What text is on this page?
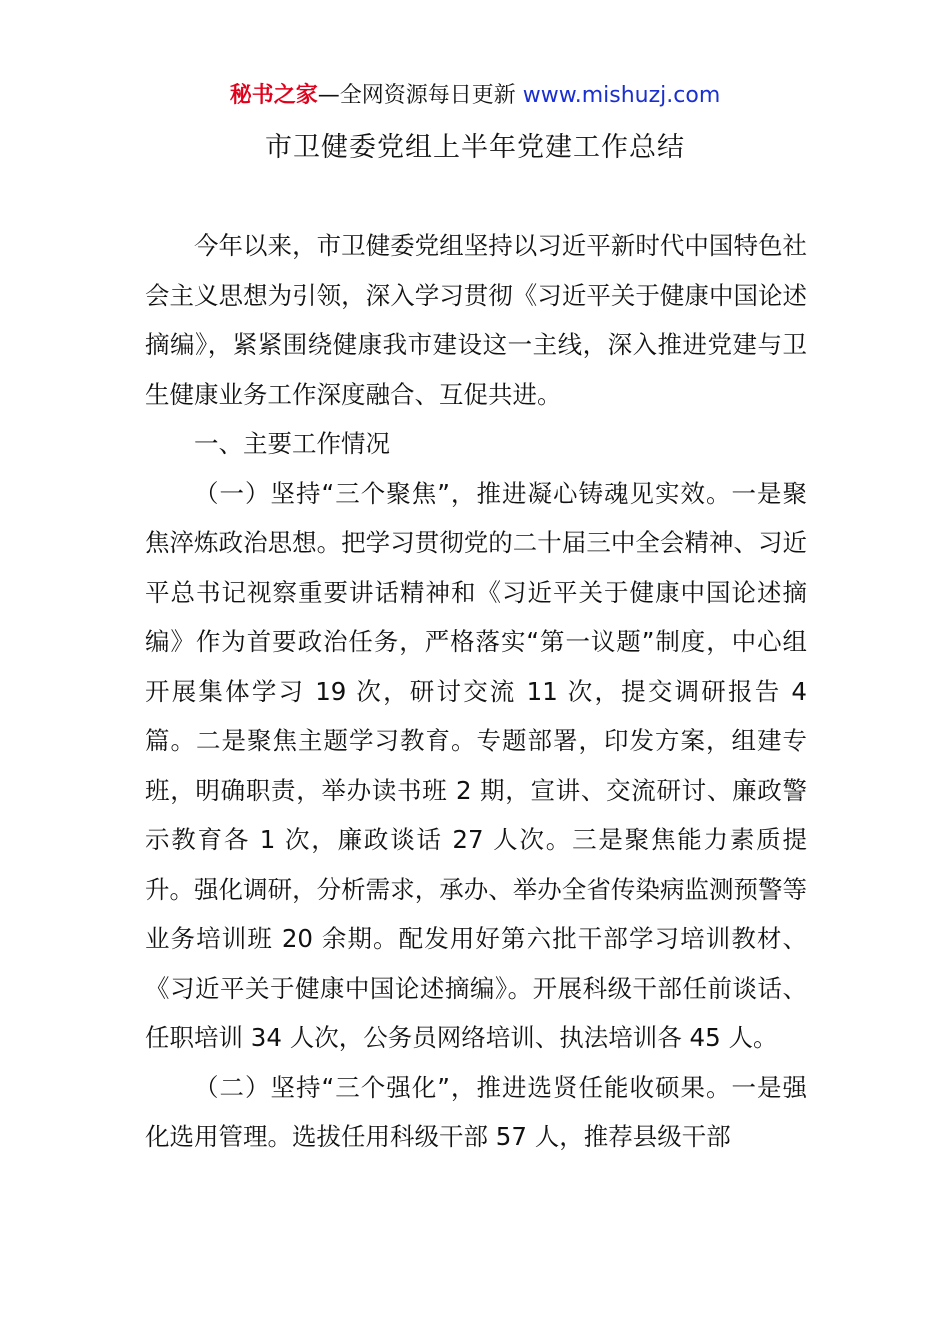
秘书之家—全网资源每日更新 www.mishuzj.com
市卫健委党组上半年党建工作总结

今年以来，市卫健委党组坚持以习近平新时代中国特色社会主义思想为引领，深入学习贯彻《习近平关于健康中国论述摘编》，紧紧围绕健康我市建设这一主线，深入推进党建与卫生健康业务工作深度融合、互促共进。

一、主要工作情况

（一）坚持“三个聚焦”，推进凝心铸魂见实效。一是聚焦淬炼政治思想。把学习贯彻党的二十届三中全会精神、习近平总书记视察重要讲话精神和《习近平关于健康中国论述摘编》作为首要政治任务，严格落实“第一议题”制度，中心组开展集体学习 19 次，研讨交流 11 次，提交调研报告 4 篇。二是聚焦主题学习教育。专题部署，印发方案，组建专班，明确职责，举办读书班 2 期，宣讲、交流研讨、廉政警示教育各 1 次，廉政谈话 27 人次。三是聚焦能力素质提升。强化调研，分析需求，承办、举办全省传染病监测预警等业务培训班 20 余期。配发用好第六批干部学习培训教材、《习近平关于健康中国论述摘编》。开展科级干部任前谈话、任职培训 34 人次，公务员网络培训、执法培训各 45 人。

（二）坚持“三个强化”，推进选贤任能收硕果。一是强化选用管理。选拔任用科级干部 57 人，推荐县级干部
